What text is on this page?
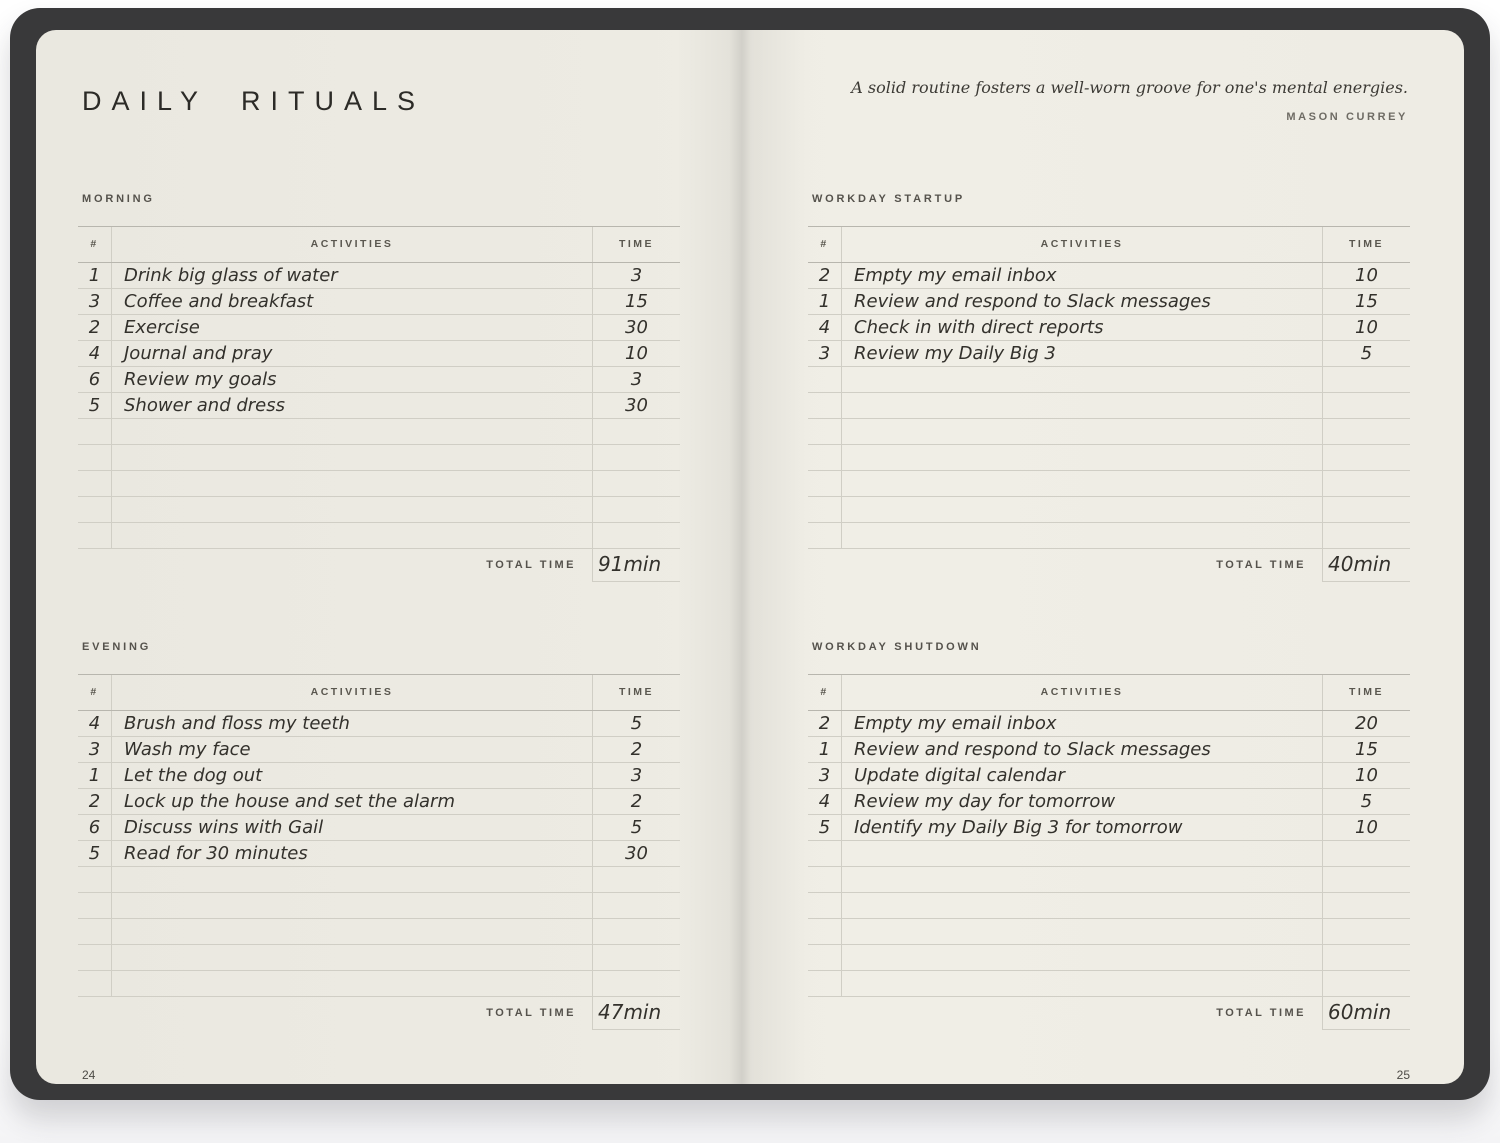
DAILY RITUALS	A solid routine fosters a well-worn groove for one's mental energies.
MASON CURREY
MORNING
#	ACTIVITIES	TIME
1	Drink big glass of water	3
3	Coffee and breakfast	15
2	Exercise	30
4	Journal and pray	10
6	Review my goals	3
5	Shower and dress	30
TOTAL TIME	91min
WORKDAY STARTUP
#	ACTIVITIES	TIME
2	Empty my email inbox	10
1	Review and respond to Slack messages	15
4	Check in with direct reports	10
3	Review my Daily Big 3	5
TOTAL TIME	40min
EVENING
#	ACTIVITIES	TIME
4	Brush and floss my teeth	5
3	Wash my face	2
1	Let the dog out	3
2	Lock up the house and set the alarm	2
6	Discuss wins with Gail	5
5	Read for 30 minutes	30
TOTAL TIME	47min
WORKDAY SHUTDOWN
#	ACTIVITIES	TIME
2	Empty my email inbox	20
1	Review and respond to Slack messages	15
3	Update digital calendar	10
4	Review my day for tomorrow	5
5	Identify my Daily Big 3 for tomorrow	10
TOTAL TIME	60min
24	25
